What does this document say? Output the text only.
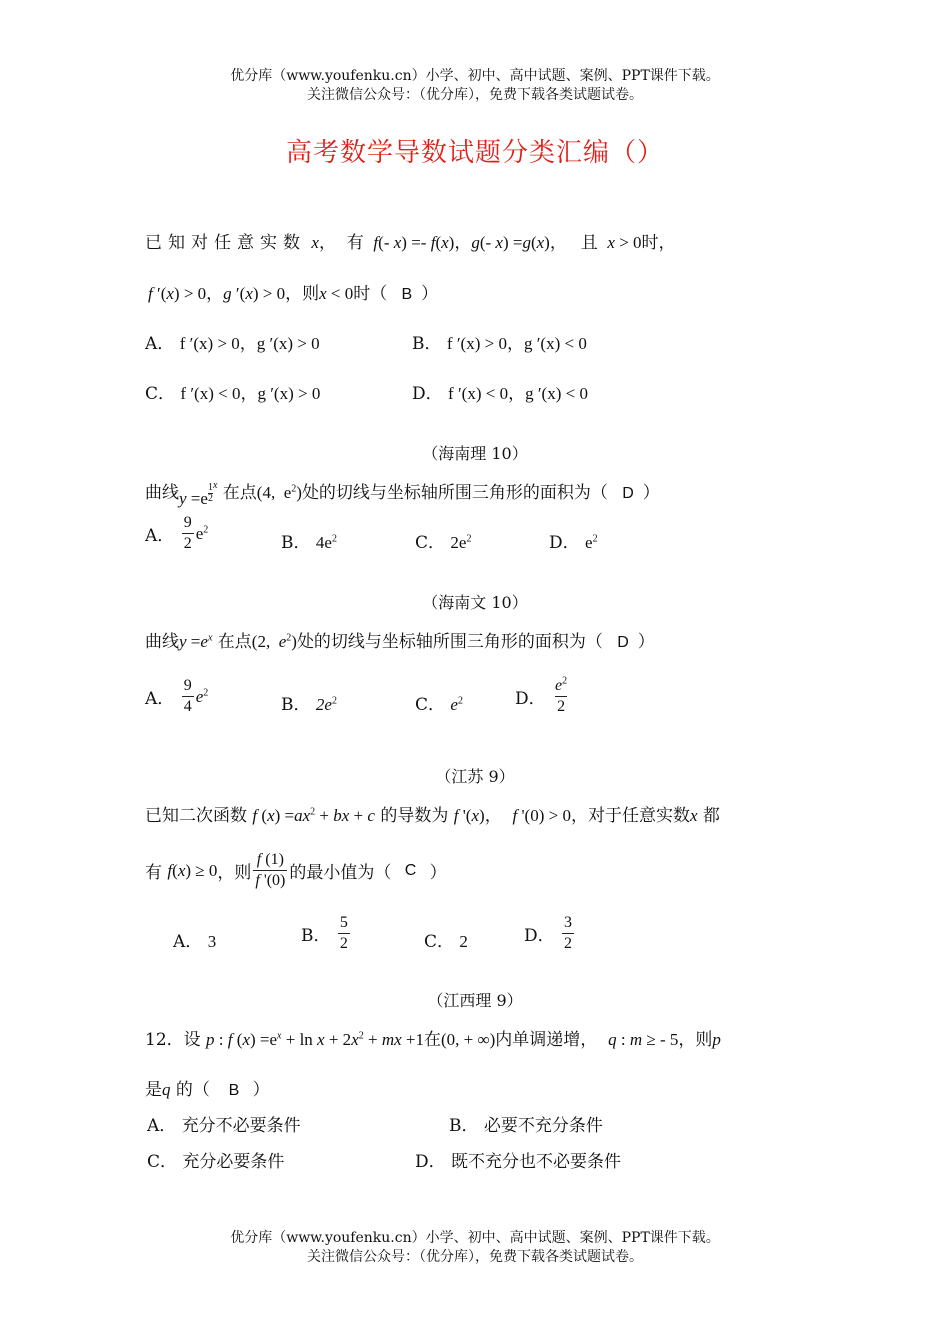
优分库（www.youfenku.cn）小学、初中、高中试题、案例、PPT课件下载。
关注微信公众号：（优分库），免费下载各类试题试卷。
高考数学导数试题分类汇编（）
已知对任意实数 x，  有  f(- x) =- f(x)，g(- x) =g(x)，   且  x > 0时，
f ′(x) > 0，g ′(x) > 0，则x < 0时（ B ）
A． f ′(x) > 0，g ′(x) > 0	B． f ′(x) > 0，g ′(x) < 0
C． f ′(x) < 0，g ′(x) > 0	D． f ′(x) < 0，g ′(x) < 0
（海南理 10）
曲线$y =e \frac{1}{2} ^x$ 在点(4,  $e^2$)处的切线与坐标轴所围三角形的面积为（ D ）
A．
$\frac{9}{2} e^2$
B． $4e^2$	C． $2e^2$	D． $e^2$
（海南文 10）
曲线$y =e^x$ 在点(2,  $e^2$)处的切线与坐标轴所围三角形的面积为（ D ）
A．
$\frac{9}{4} e^2$
B． $2e^2$	C． $e^2$	D．
$\frac{e^2}{2}$
（江苏 9）
已知二次函数 f $(x) =ax^2$ + bx + c 的导数为 f '(x)， f '(0) > 0，对于任意实数x 都
有
f ( x ) ≥ 0 ，则 $\frac{f (1)}{f '(0)}$ 的最小值为（ C ）
A． 3	B．
$\frac{5}{2}$	C． 2	D．
$\frac{3}{2}$
（江西理 9）
12．设 p : f $(x) =e^x + \ln x + 2x^2$ + mx +1在(0, + ∞)内单调递增， q : m ≥ - 5，则p
是q 的（ B ）
A． 充分不必要条件	B． 必要不充分条件
C． 充分必要条件	D． 既不充分也不必要条件
优分库（www.youfenku.cn）小学、初中、高中试题、案例、PPT课件下载。
关注微信公众号：（优分库），免费下载各类试题试卷。
